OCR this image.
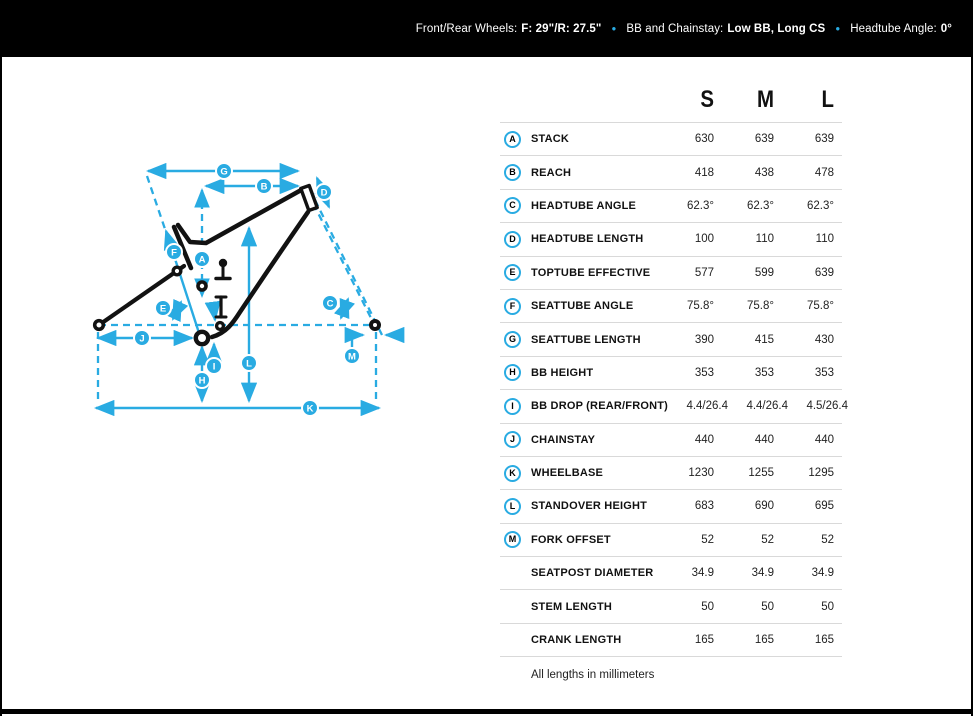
Front/Rear Wheels: F: 29"/R: 27.5" ● BB and Chainstay: Low BB, Long CS ● Headtube Angle: 0°
A
B
C
D
E
F
G
H
I
J
K
L
M
S	M	L
A	STACK	630	639	639
B	REACH	418	438	478
C	HEADTUBE ANGLE	62.3°	62.3°	62.3°
D	HEADTUBE LENGTH	100	110	110
E	TOPTUBE EFFECTIVE	577	599	639
F	SEATTUBE ANGLE	75.8°	75.8°	75.8°
G	SEATTUBE LENGTH	390	415	430
H	BB HEIGHT	353	353	353
I	BB DROP (REAR/FRONT)	4.4/26.4	4.4/26.4	4.5/26.4
J	CHAINSTAY	440	440	440
K	WHEELBASE	1230	1255	1295
L	STANDOVER HEIGHT	683	690	695
M	FORK OFFSET	52	52	52
SEATPOST DIAMETER	34.9	34.9	34.9
STEM LENGTH	50	50	50
CRANK LENGTH	165	165	165
All lengths in millimeters
